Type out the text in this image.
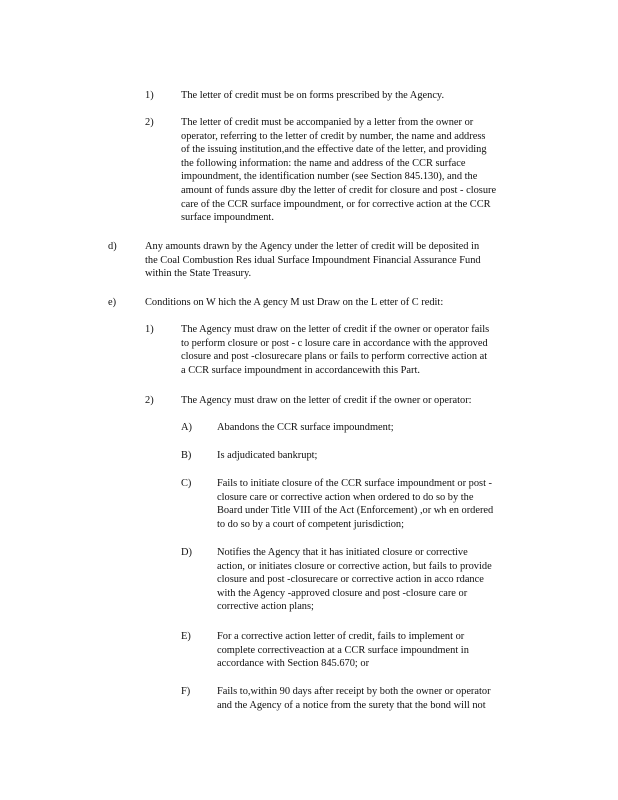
1)	The letter of credit must be on forms prescribed by the Agency.
2)	The letter of credit must be accompanied by a letter from the owner or
operator, referring to the letter of credit by number, the name and address
of the issuing institution,and the effective date of the letter, and providing
the following information: the name and address of the CCR surface
impoundment, the identification number (see Section 845.130), and the
amount of funds assure dby the letter of credit for closure and post - closure
care of the CCR surface impoundment, or for corrective action at the CCR
surface impoundment.
d)	Any amounts drawn by the Agency under the letter of credit will be deposited in
the Coal Combustion Res idual Surface Impoundment Financial Assurance Fund
within the State Treasury.
e)	Conditions on W hich the A gency M ust Draw on the L etter of C redit:
1)	The Agency must draw on the letter of credit if the owner or operator fails
to perform closure or post - c losure care in accordance with the approved
closure and post -closurecare plans or fails to perform corrective action at
a CCR surface impoundment in accordancewith this Part.
2)	The Agency must draw on the letter of credit if the owner or operator:
A) Abandons the CCR surface impoundment;
B) Is adjudicated bankrupt;
C) Fails to initiate closure of the CCR surface impoundment or post -
closure care or corrective action when ordered to do so by the
Board under Title VIII of the Act (Enforcement) ,or wh en ordered
to do so by a court of competent jurisdiction;
D) Notifies the Agency that it has initiated closure or corrective
action, or initiates closure or corrective action, but fails to provide
closure and post -closurecare or corrective action in acco rdance
with the Agency -approved closure and post -closure care or
corrective action plans;
E)	For a corrective action letter of credit, fails to implement or
complete correctiveaction at a CCR surface impoundment in
accordance with Section 845.670; or
F)	Fails to,within 90 days after receipt by both the owner or operator
and the Agency of a notice from the surety that the bond will not
